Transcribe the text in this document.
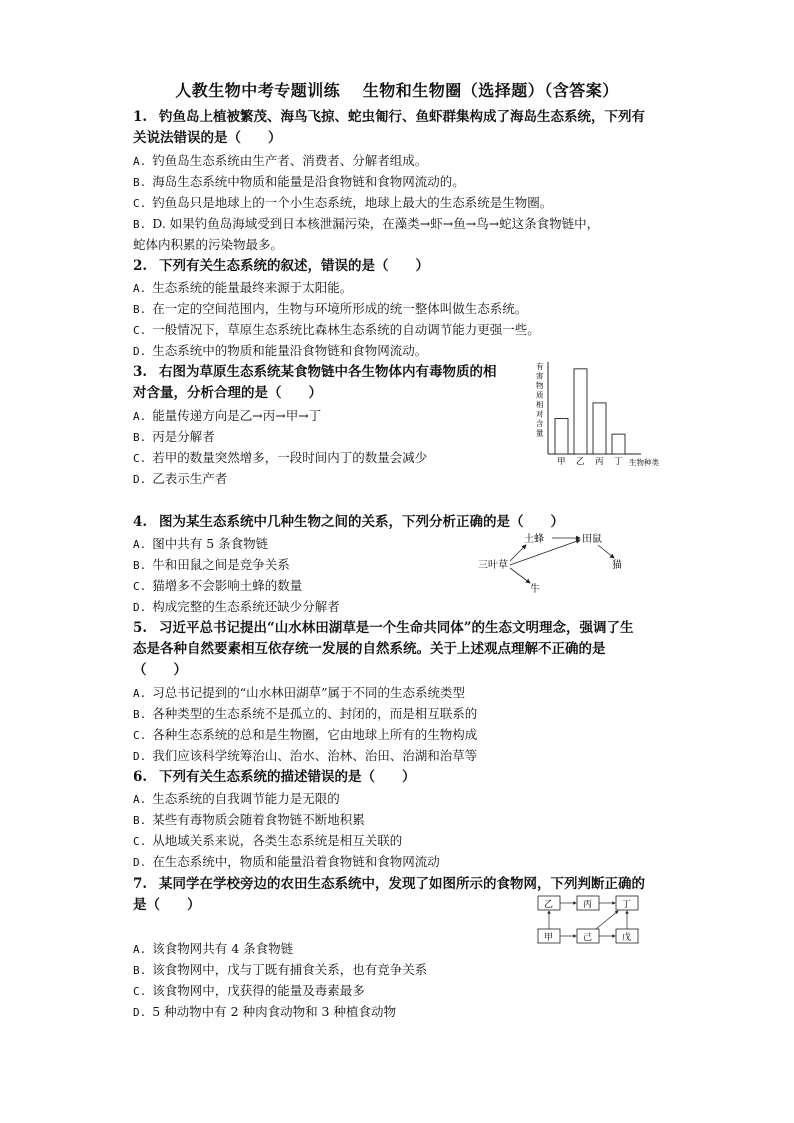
人教生物中考专题训练　 生物和生物圈（选择题）（含答案）
1. 钓鱼岛上植被繁茂、海鸟飞掠、蛇虫匍行、鱼虾群集构成了海岛生态系统，下列有
关说法错误的是（　　）
A. 钓鱼岛生态系统由生产者、消费者、分解者组成。
B. 海岛生态系统中物质和能量是沿食物链和食物网流动的。
C. 钓鱼岛只是地球上的一个小生态系统，地球上最大的生态系统是生物圈。
B. D. 如果钓鱼岛海域受到日本核泄漏污染，在藻类→虾→鱼→鸟→蛇这条食物链中，
蛇体内积累的污染物最多。
2. 下列有关生态系统的叙述，错误的是（　　）
A. 生态系统的能量最终来源于太阳能。
B. 在一定的空间范围内，生物与环境所形成的统一整体叫做生态系统。
C. 一般情况下，草原生态系统比森林生态系统的自动调节能力更强一些。
D. 生态系统中的物质和能量沿食物链和食物网流动。
3. 右图为草原生态系统某食物链中各生物体内有毒物质的相
对含量，分析合理的是（　　）
A. 能量传递方向是乙→丙→甲→丁
B. 丙是分解者
C. 若甲的数量突然增多，一段时间内丁的数量会减少
D. 乙表示生产者
有
害
物
质
相
对
含
量
甲 乙 丙 丁 生物种类
4. 图为某生态系统中几种生物之间的关系，下列分析正确的是（　　）
A. 图中共有 5 条食物链
B. 牛和田鼠之间是竞争关系
C. 猫增多不会影响土蜂的数量
D. 构成完整的生态系统还缺少分解者
三叶草
土蜂	田鼠
猫
牛
5. 习近平总书记提出“山水林田湖草是一个生命共同体”的生态文明理念，强调了生
态是各种自然要素相互依存统一发展的自然系统。关于上述观点理解不正确的是
（　　）
A. 习总书记提到的“山水林田湖草”属于不同的生态系统类型
B. 各种类型的生态系统不是孤立的、封闭的，而是相互联系的
C. 各种生态系统的总和是生物圈，它由地球上所有的生物构成
D. 我们应该科学统筹治山、治水、治林、治田、治湖和治草等
6. 下列有关生态系统的描述错误的是（　　）
A. 生态系统的自我调节能力是无限的
B. 某些有毒物质会随着食物链不断地积累
C. 从地域关系来说，各类生态系统是相互关联的
D. 在生态系统中，物质和能量沿着食物链和食物网流动
7. 某同学在学校旁边的农田生态系统中，发现了如图所示的食物网，下列判断正确的
是（　　）
A. 该食物网共有 4 条食物链
B. 该食物网中，戊与丁既有捕食关系，也有竞争关系
C. 该食物网中，戊获得的能量及毒素最多
D. 5 种动物中有 2 种肉食动物和 3 种植食动物
乙	丙	丁
甲	己	戊
